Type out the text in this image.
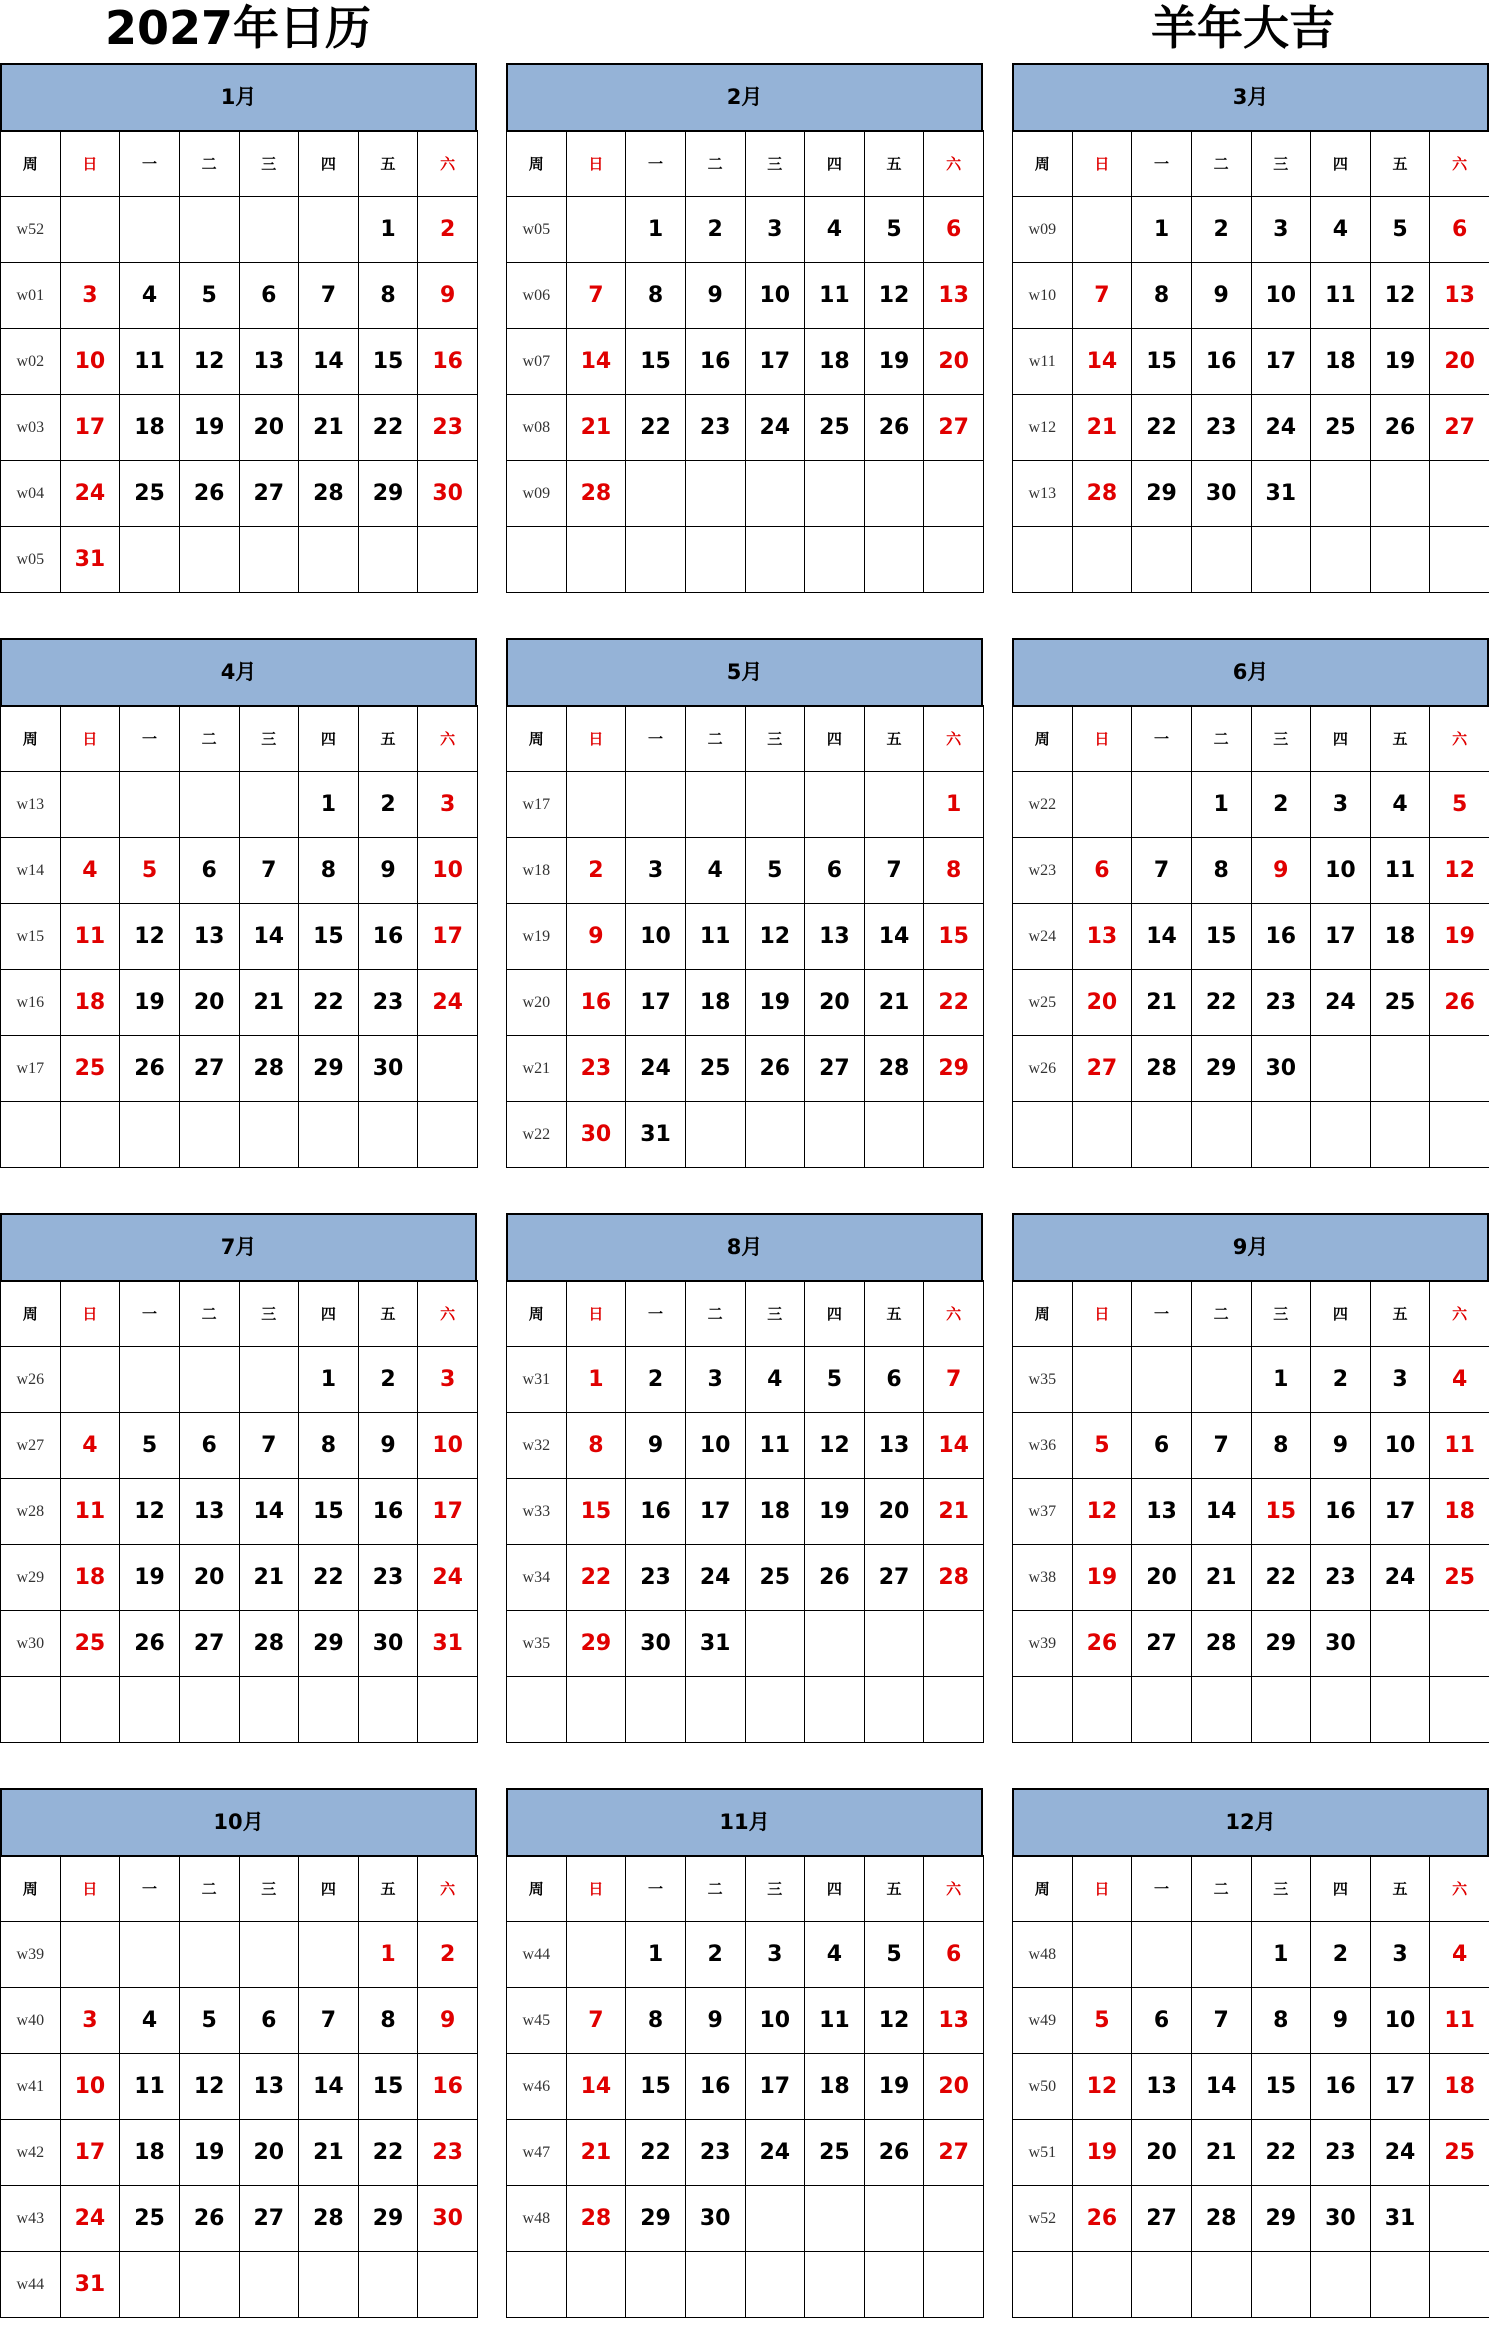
2027年日历	羊年大吉
1月
周	日	一	二	三	四	五	六
w52						1	2
w01	3	4	5	6	7	8	9
w02	10	11	12	13	14	15	16
w03	17	18	19	20	21	22	23
w04	24	25	26	27	28	29	30
w05	31						
2月
周	日	一	二	三	四	五	六
w05		1	2	3	4	5	6
w06	7	8	9	10	11	12	13
w07	14	15	16	17	18	19	20
w08	21	22	23	24	25	26	27
w09	28						

3月
周	日	一	二	三	四	五	六
w09		1	2	3	4	5	6
w10	7	8	9	10	11	12	13
w11	14	15	16	17	18	19	20
w12	21	22	23	24	25	26	27
w13	28	29	30	31			

4月
周	日	一	二	三	四	五	六
w13					1	2	3
w14	4	5	6	7	8	9	10
w15	11	12	13	14	15	16	17
w16	18	19	20	21	22	23	24
w17	25	26	27	28	29	30	

5月
周	日	一	二	三	四	五	六
w17							1
w18	2	3	4	5	6	7	8
w19	9	10	11	12	13	14	15
w20	16	17	18	19	20	21	22
w21	23	24	25	26	27	28	29
w22	30	31					
6月
周	日	一	二	三	四	五	六
w22			1	2	3	4	5
w23	6	7	8	9	10	11	12
w24	13	14	15	16	17	18	19
w25	20	21	22	23	24	25	26
w26	27	28	29	30			

7月
周	日	一	二	三	四	五	六
w26					1	2	3
w27	4	5	6	7	8	9	10
w28	11	12	13	14	15	16	17
w29	18	19	20	21	22	23	24
w30	25	26	27	28	29	30	31

8月
周	日	一	二	三	四	五	六
w31	1	2	3	4	5	6	7
w32	8	9	10	11	12	13	14
w33	15	16	17	18	19	20	21
w34	22	23	24	25	26	27	28
w35	29	30	31				

9月
周	日	一	二	三	四	五	六
w35				1	2	3	4
w36	5	6	7	8	9	10	11
w37	12	13	14	15	16	17	18
w38	19	20	21	22	23	24	25
w39	26	27	28	29	30		

10月
周	日	一	二	三	四	五	六
w39						1	2
w40	3	4	5	6	7	8	9
w41	10	11	12	13	14	15	16
w42	17	18	19	20	21	22	23
w43	24	25	26	27	28	29	30
w44	31						
11月
周	日	一	二	三	四	五	六
w44		1	2	3	4	5	6
w45	7	8	9	10	11	12	13
w46	14	15	16	17	18	19	20
w47	21	22	23	24	25	26	27
w48	28	29	30				

12月
周	日	一	二	三	四	五	六
w48				1	2	3	4
w49	5	6	7	8	9	10	11
w50	12	13	14	15	16	17	18
w51	19	20	21	22	23	24	25
w52	26	27	28	29	30	31	
